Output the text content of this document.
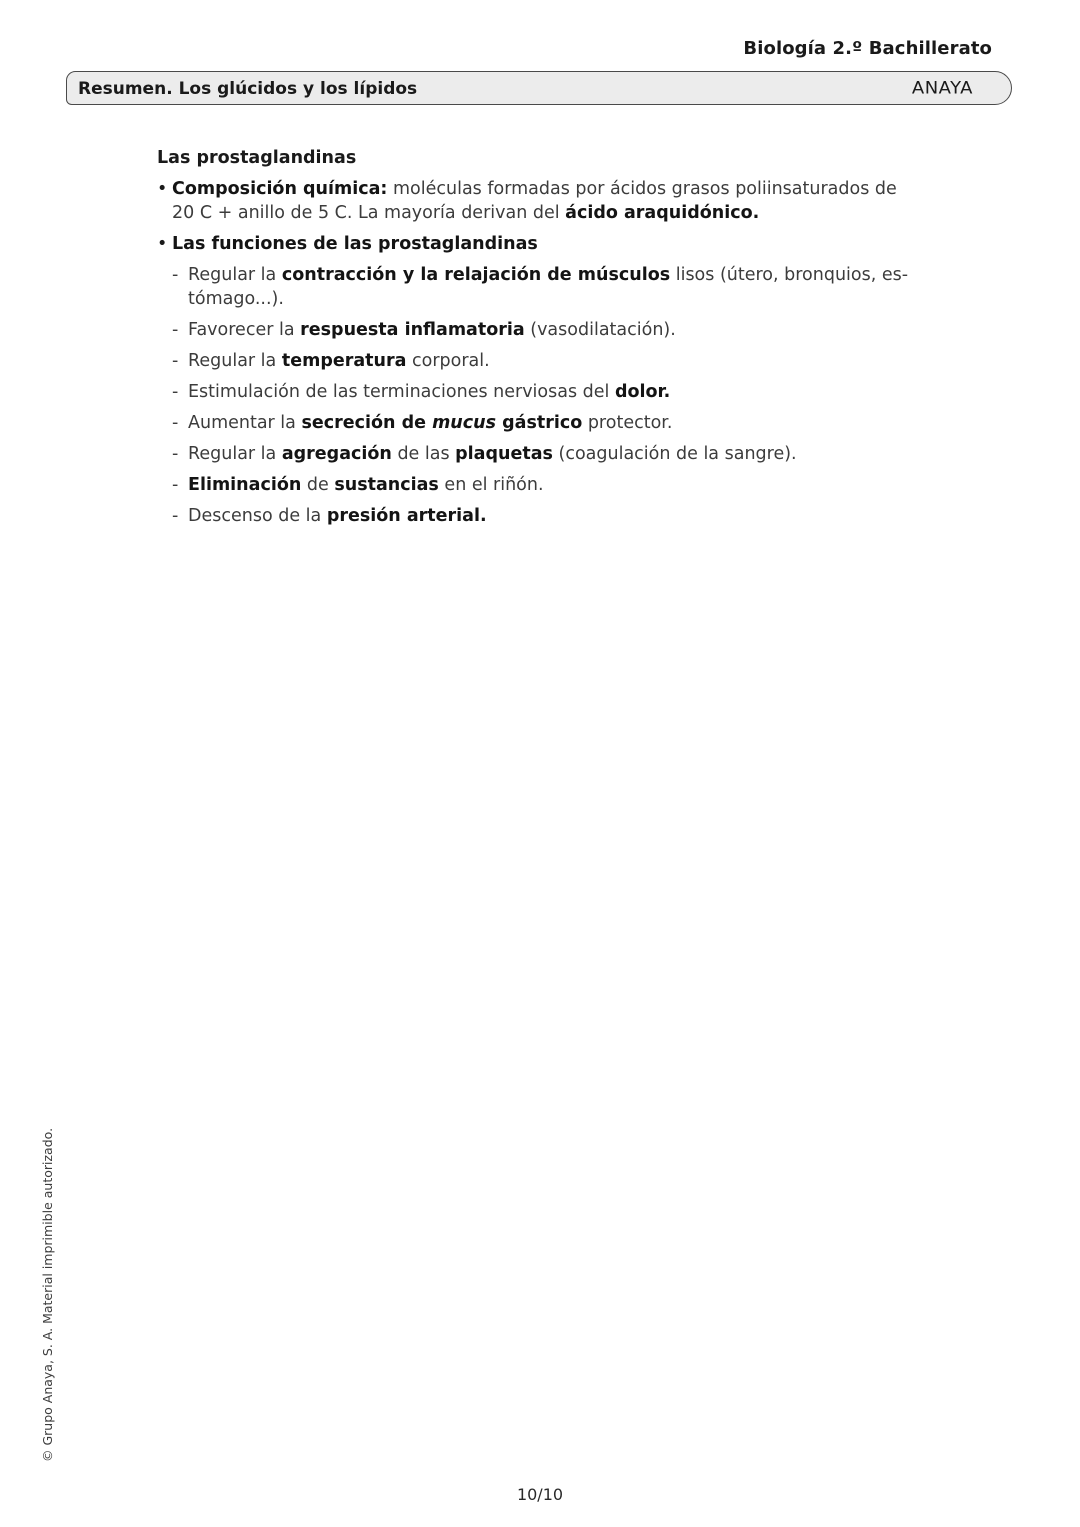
Biología 2.º Bachillerato
Resumen. Los glúcidos y los lípidos	ANAYA
Las prostaglandinas
• Composición química: moléculas formadas por ácidos grasos poliinsaturados de 20 C + anillo de 5 C. La mayoría derivan del ácido araquidónico.
• Las funciones de las prostaglandinas
- Regular la contracción y la relajación de músculos lisos (útero, bronquios, es-
tómago...).
- Favorecer la respuesta inflamatoria (vasodilatación).
- Regular la temperatura corporal.
- Estimulación de las terminaciones nerviosas del dolor.
- Aumentar la secreción de mucus gástrico protector.
- Regular la agregación de las plaquetas (coagulación de la sangre).
- Eliminación de sustancias en el riñón.
- Descenso de la presión arterial.
© Grupo Anaya, S. A. Material imprimible autorizado.
10/10
